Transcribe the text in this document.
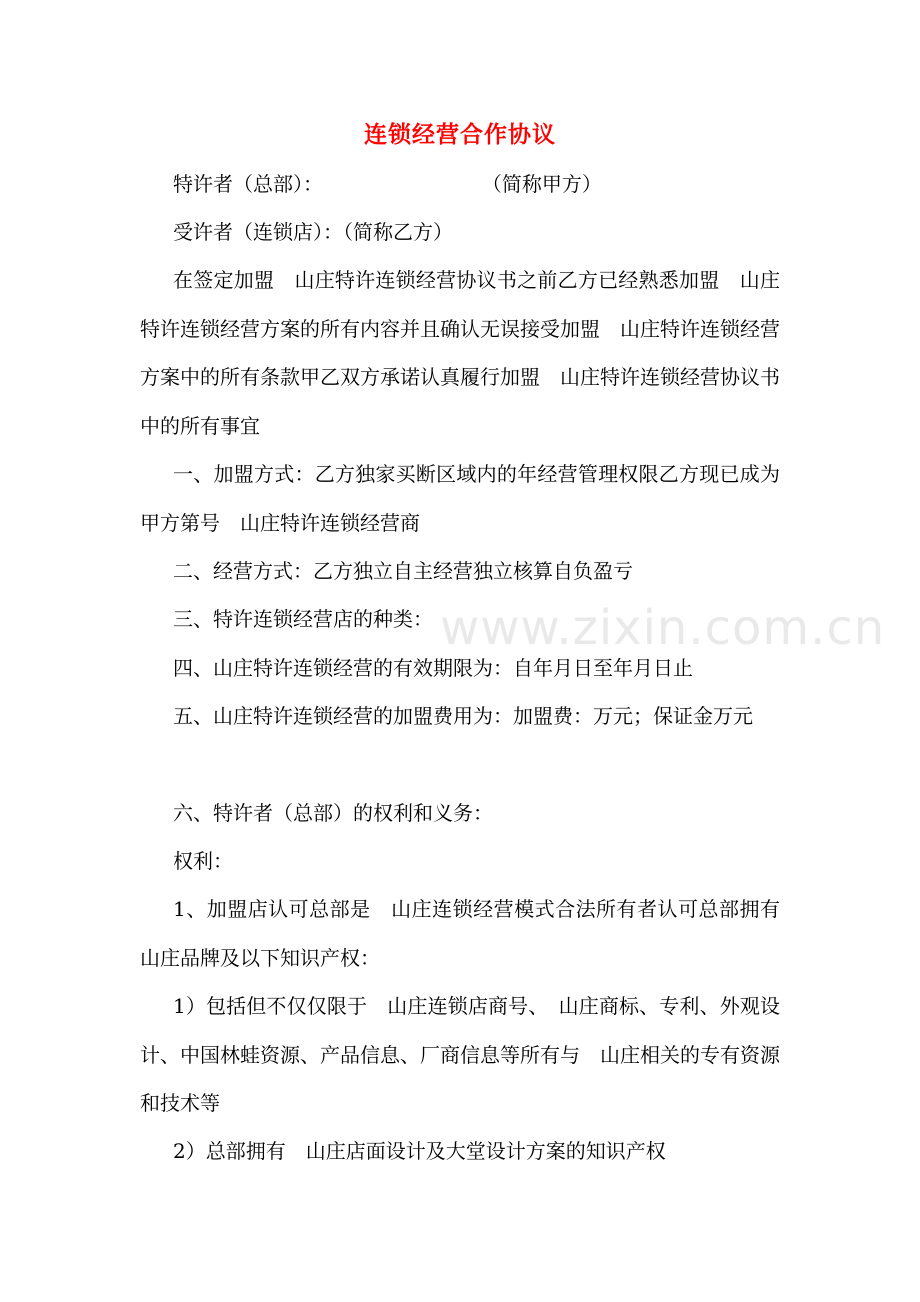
连锁经营合作协议

特许者（总部）：                         （简称甲方）

受许者（连锁店）：（简称乙方）

在签定加盟　山庄特许连锁经营协议书之前乙方已经熟悉加盟　山庄特许连锁经营方案的所有内容并且确认无误接受加盟　山庄特许连锁经营方案中的所有条款甲乙双方承诺认真履行加盟　山庄特许连锁经营协议书中的所有事宜

一、加盟方式：乙方独家买断区域内的年经营管理权限乙方现已成为甲方第号　山庄特许连锁经营商

二、经营方式：乙方独立自主经营独立核算自负盈亏

三、特许连锁经营店的种类：

四、山庄特许连锁经营的有效期限为：自年月日至年月日止

五、山庄特许连锁经营的加盟费用为：加盟费：万元；保证金万元

六、特许者（总部）的权利和义务：

权利：

1、加盟店认可总部是　山庄连锁经营模式合法所有者认可总部拥有　山庄品牌及以下知识产权：

1）包括但不仅仅限于　山庄连锁店商号、　山庄商标、专利、外观设计、中国林蛙资源、产品信息、厂商信息等所有与　山庄相关的专有资源和技术等

2）总部拥有　山庄店面设计及大堂设计方案的知识产权

www.zixin.com.cn
